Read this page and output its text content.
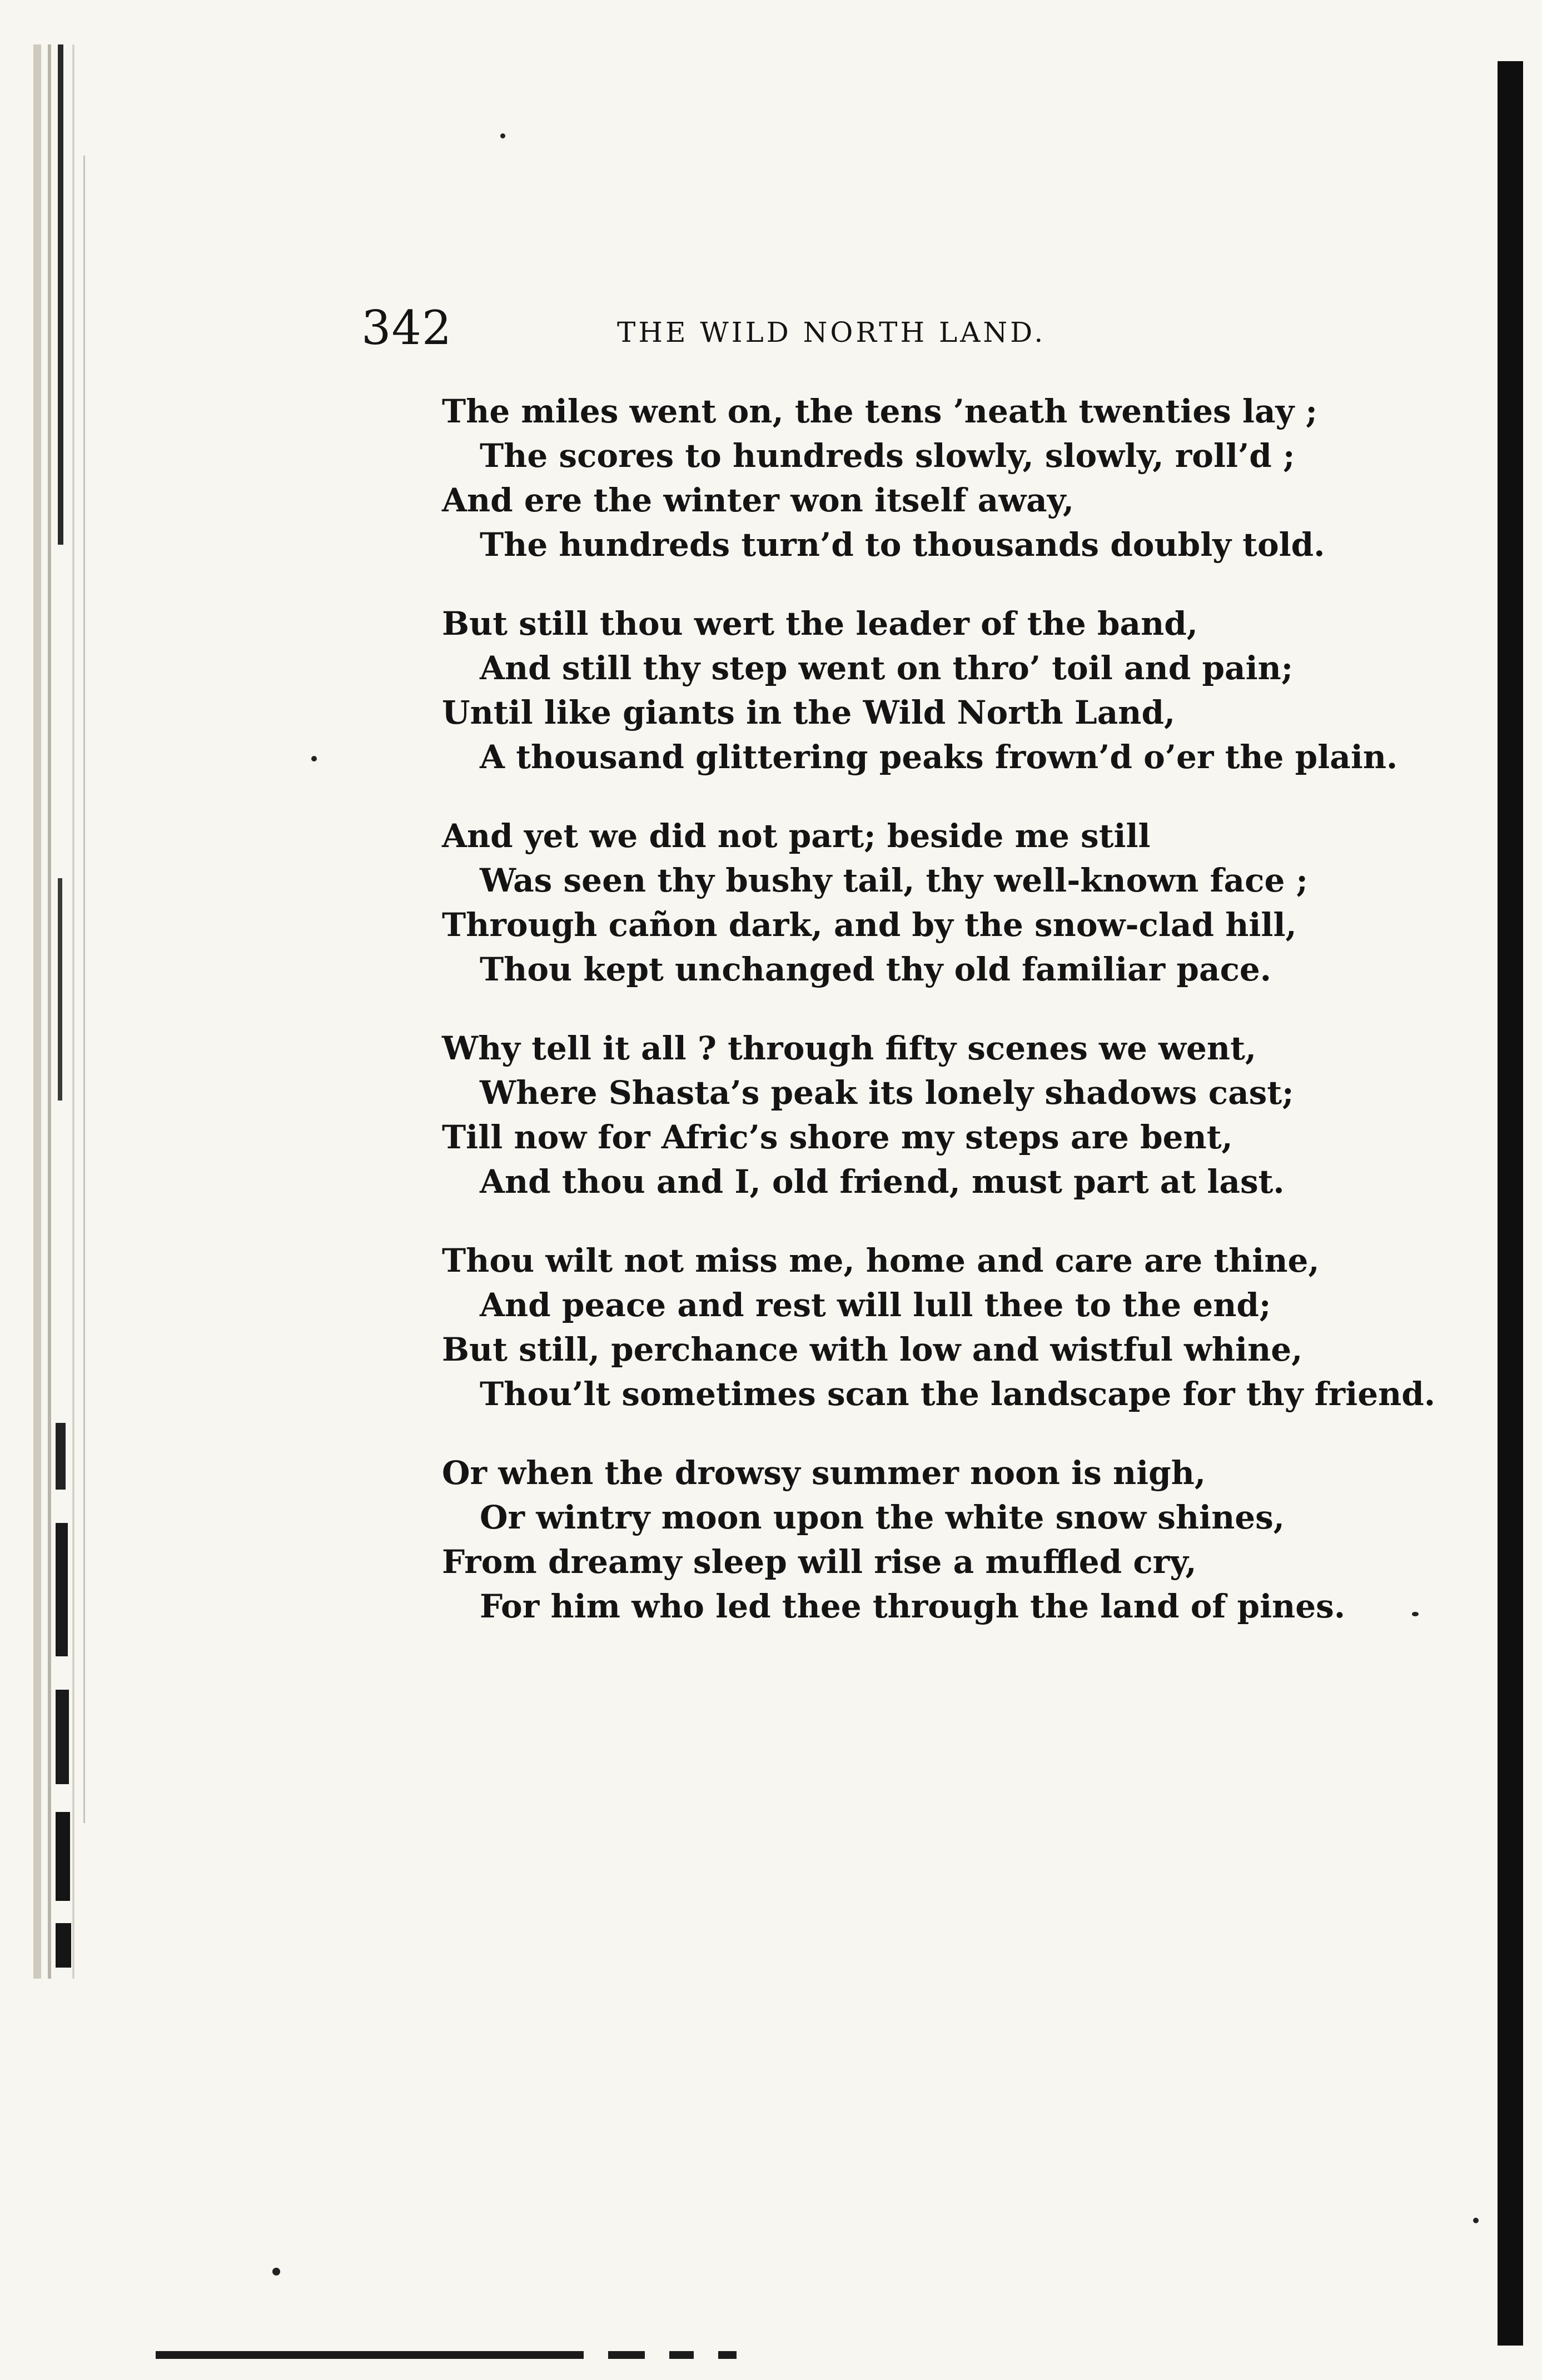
342	THE WILD NORTH LAND.
The miles went on, the tens ’neath twenties lay ;
The scores to hundreds slowly, slowly, roll’d ;
And ere the winter won itself away,
The hundreds turn’d to thousands doubly told.
But still thou wert the leader of the band,
And still thy step went on thro’ toil and pain;
Until like giants in the Wild North Land,
A thousand glittering peaks frown’d o’er the plain.
And yet we did not part; beside me still
Was seen thy bushy tail, thy well-known face ;
Through cañon dark, and by the snow-clad hill,
Thou kept unchanged thy old familiar pace.
Why tell it all ? through fifty scenes we went,
Where Shasta’s peak its lonely shadows cast;
Till now for Afric’s shore my steps are bent,
And thou and I, old friend, must part at last.
Thou wilt not miss me, home and care are thine,
And peace and rest will lull thee to the end;
But still, perchance with low and wistful whine,
Thou’lt sometimes scan the landscape for thy friend.
Or when the drowsy summer noon is nigh,
Or wintry moon upon the white snow shines,
From dreamy sleep will rise a muffled cry,
For him who led thee through the land of pines.
